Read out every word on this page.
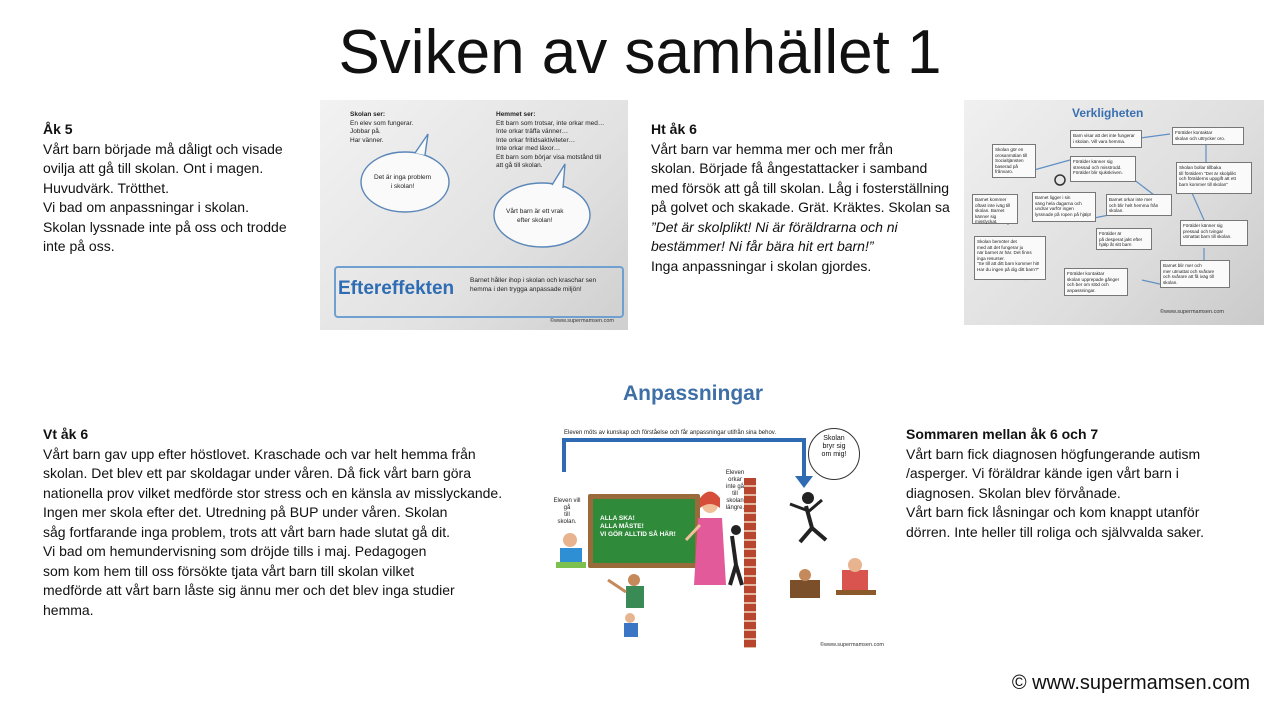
Sviken av samhället 1
Åk 5
Vårt barn började må dåligt och visade
ovilja att gå till skolan. Ont i magen.
Huvudvärk. Trötthet.
Vi bad om anpassningar i skolan.
Skolan lyssnade inte på oss och trodde
inte på oss.
Ht åk 6
Vårt barn var hemma mer och mer från
skolan. Började få ångestattacker i samband
med försök att gå till skolan. Låg i fosterställning
på golvet och skakade. Grät. Kräktes. Skolan sa
”Det är skolplikt! Ni är föräldrarna och ni
bestämmer! Ni får bära hit ert barn!”
Inga anpassningar i skolan gjordes.
Vt åk 6
Vårt barn gav upp efter höstlovet. Kraschade och var helt hemma från
skolan. Det blev ett par skoldagar under våren. Då fick vårt barn göra
nationella prov vilket medförde stor stress och en känsla av misslyckande.
Ingen mer skola efter det. Utredning på BUP under våren. Skolan
såg fortfarande inga problem, trots att vårt barn hade slutat gå dit.
Vi bad om hemundervisning som dröjde tills i maj. Pedagogen
som kom hem till oss försökte tjata vårt barn till skolan vilket
medförde att vårt barn låste sig ännu mer och det blev inga studier
hemma.
Sommaren mellan åk 6 och 7
Vårt barn fick diagnosen högfungerande autism
/asperger. Vi föräldrar kände igen vårt barn i
diagnosen. Skolan blev förvånade.
Vårt barn fick låsningar och kom knappt utanför
dörren. Inte heller till roliga och självvalda saker.
Skolan ser:
En elev som fungerar.
Jobbar på.
Har vänner.
Hemmet ser:
Ett barn som trotsar, inte orkar med…
Inte orkar träffa vänner…
Inte orkar fritidsaktiviteter…
Inte orkar med läxor…
Ett barn som börjar visa motstånd till
att gå till skolan.
Det är inga problem
i skolan!
Vårt barn är ett vrak
efter skolan!
Eftereffekten Barnet håller ihop i skolan och kraschar sen
hemma i den trygga anpassade miljön!
©www.supermamsen.com
Verkligheten
Barn visar att det inte fungerar
i skolan. Vill vara hemma.
Förälder kontaktar
skolan och uttrycker oro.
Skolan gör en
orosanmälan till
Socialtjänsten
baserad på frånvaro.
Förälder känner sig
stressad och misstrodd.
Förälder blir sjukskriven.
Skolan bollar tillbaka
till föräldern "Det är skolplikt
och förälderns uppgift att ett
barn kommer till skolan"
Barnet kommer
oftast inte iväg till
skolan. Barnet
känner sig misslyckat.
Barnet ligger i sin
säng hela dagarna och
undrar varför ingen
lyssnade på ropen på hjälp!
Barnet orkar inte mer
och blir helt hemma från
skolan.
Förälder känner sig
pressad och tvingar
utmattat barn till skolan.
Skolan bemöter det
med att det fungerar ju
när barnet är här. Det finns
inga resurser.
"Se till att ditt barn kommer hit!
Har du ingen på dig ditt barn?"
Förälder är
på desperat jakt efter
hjälp åt sitt barn
Barnet blir mer och
mer utmattat och svårare
och svårare att få iväg till
skolan.
Förälder kontaktar
skolan upprepade gånger
och ber om stöd och
anpassningar.
©www.supermamsen.com
Anpassningar
Eleven möts av kunskap och förståelse och får anpassningar utifrån sina behov.
Eleven vill
gå
till
skolan.	ALLA SKA!
ALLA MÅSTE!
VI GÖR ALLTID SÅ HÄR!
Eleven
orkar
inte gå
till
skolan
längre.
Skolan
bryr sig
om mig!
©www.supermamsen.com
© www.supermamsen.com
